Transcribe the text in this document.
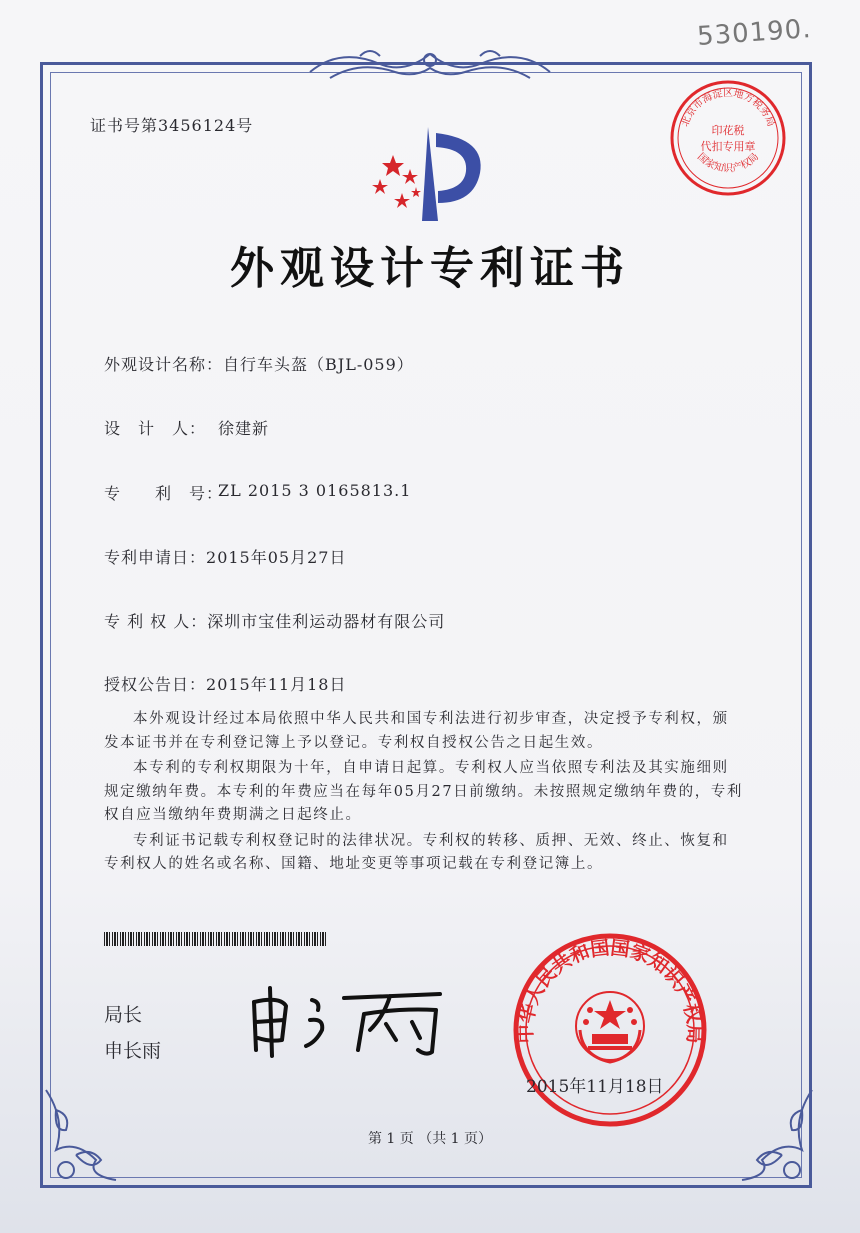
530190.
证书号第3456124号
外观设计专利证书
外观设计名称： 自行车头盔（BJL-059）
设　计　人： 徐建新
专　　利　号：
ZL 2015 3 0165813.1
专利申请日： 2015年05月27日
专 利 权 人： 深圳市宝佳利运动器材有限公司
授权公告日： 2015年11月18日

本外观设计经过本局依照中华人民共和国专利法进行初步审查，决定授予专利权，颁发本证书并在专利登记簿上予以登记。专利权自授权公告之日起生效。

本专利的专利权期限为十年，自申请日起算。专利权人应当依照专利法及其实施细则规定缴纳年费。本专利的年费应当在每年05月27日前缴纳。未按照规定缴纳年费的，专利权自应当缴纳年费期满之日起终止。

专利证书记载专利权登记时的法律状况。专利权的转移、质押、无效、终止、恢复和专利权人的姓名或名称、国籍、地址变更等事项记载在专利登记簿上。

局长
申长雨
北京市海淀区地方税务局
印花税
代扣专用章
国家知识产权局
中华人民共和国国家知识产权局
2015年11月18日
第 1 页 （共 1 页）
